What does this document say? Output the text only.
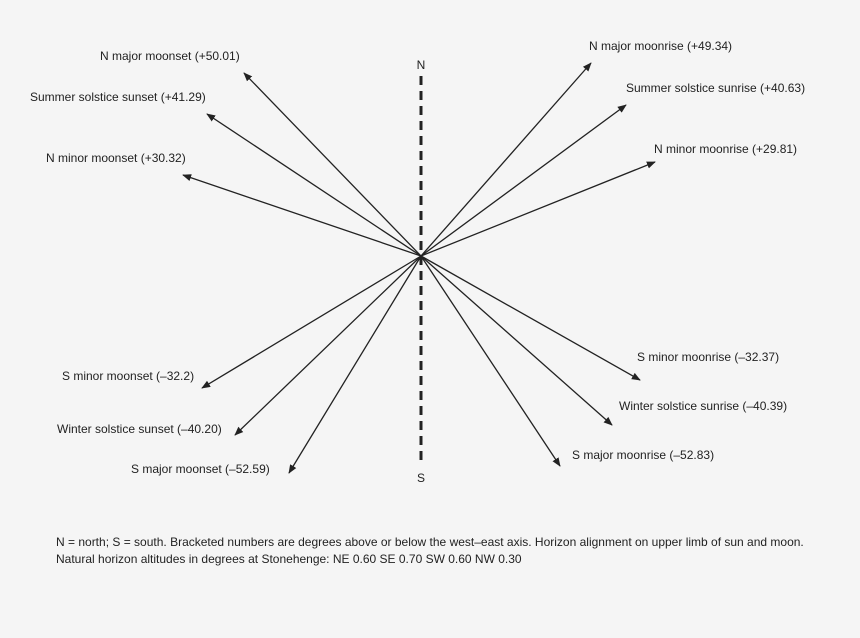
N
S
N major moonset (+50.01)
Summer solstice sunset (+41.29)
N minor moonset (+30.32)
N major moonrise (+49.34)
Summer solstice sunrise (+40.63)
N minor moonrise (+29.81)
S minor moonset (–32.2)
Winter solstice sunset (–40.20)
S major moonset (–52.59)
S minor moonrise (–32.37)
Winter solstice sunrise (–40.39)
S major moonrise (–52.83)
N = north; S = south. Bracketed numbers are degrees above or below the west–east axis. Horizon alignment on upper limb of sun and moon.
Natural horizon altitudes in degrees at Stonehenge: NE 0.60 SE 0.70 SW 0.60 NW 0.30
